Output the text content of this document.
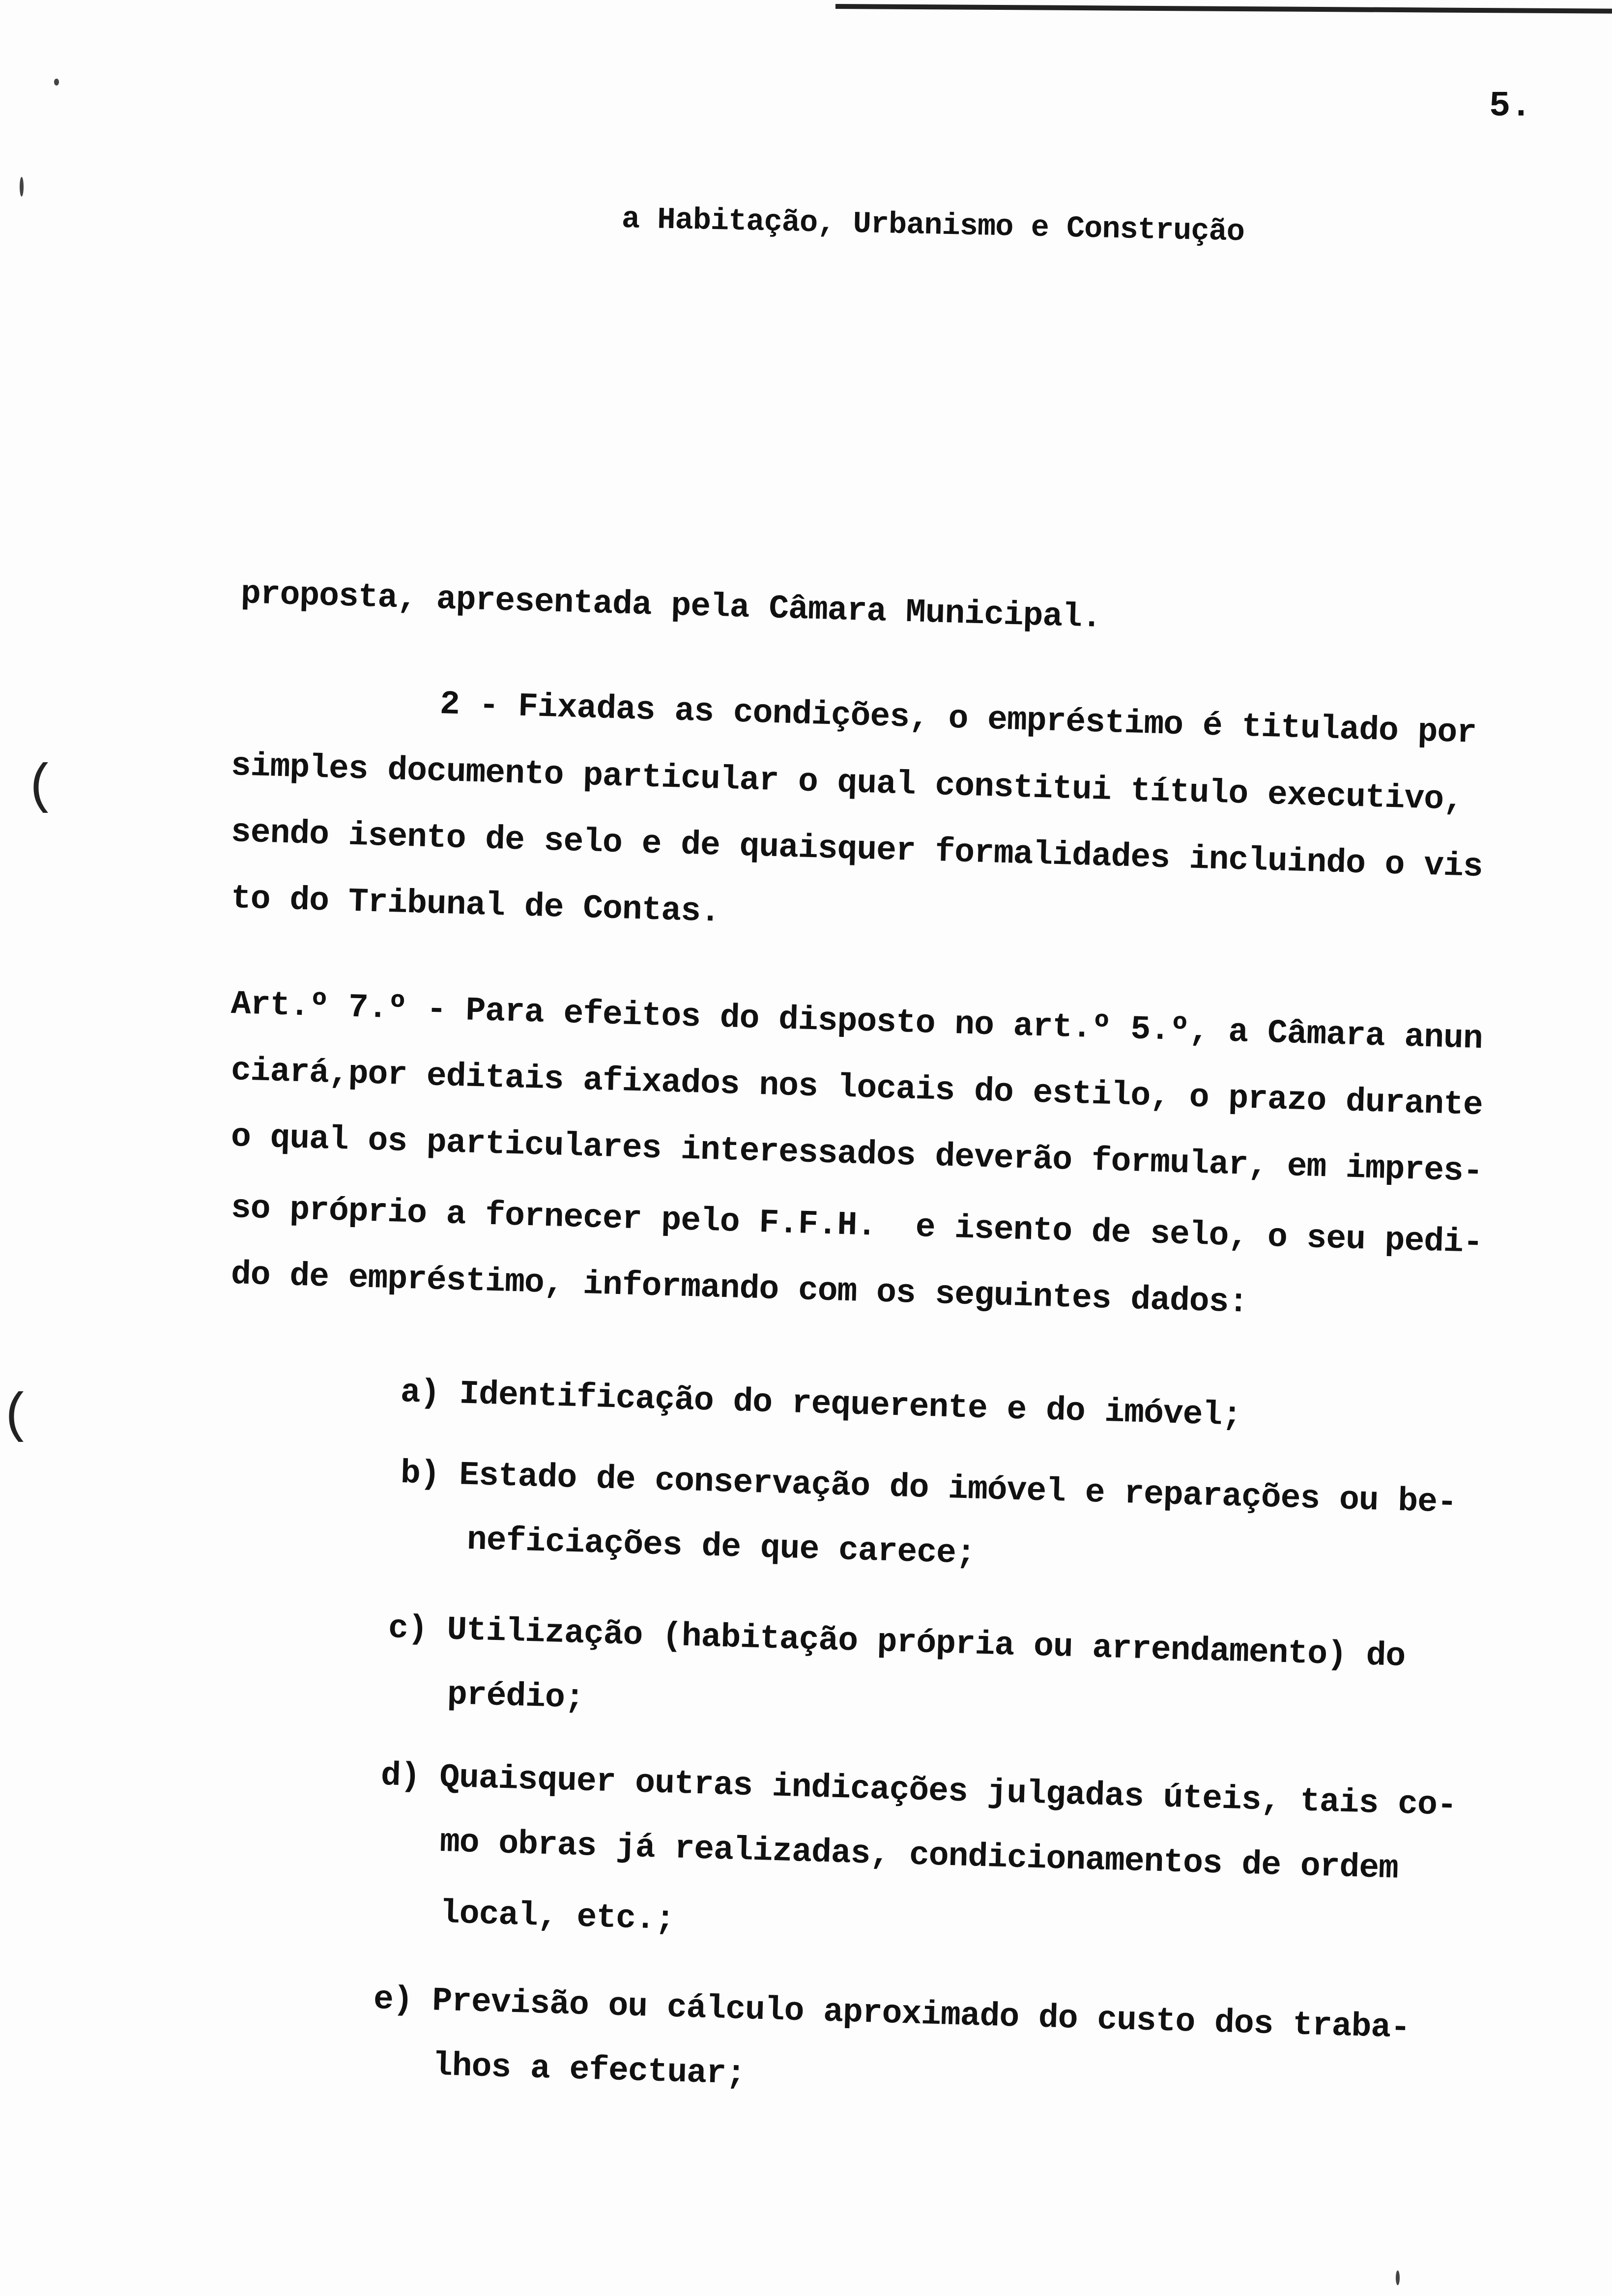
5.
a Habitação, Urbanismo e Construção
proposta, apresentada pela Câmara Municipal.
2 - Fixadas as condições, o empréstimo é titulado por
simples documento particular o qual constitui título executivo,
sendo isento de selo e de quaisquer formalidades incluindo o vis
to do Tribunal de Contas.
Art.º 7.º - Para efeitos do disposto no art.º 5.º, a Câmara anun
ciará,por editais afixados nos locais do estilo, o prazo durante
o qual os particulares interessados deverão formular, em impres-
so próprio a fornecer pelo F.F.H.  e isento de selo, o seu pedi-
do de empréstimo, informando com os seguintes dados:
a) Identificação do requerente e do imóvel;
b) Estado de conservação do imóvel e reparações ou be-
neficiações de que carece;
c) Utilização (habitação própria ou arrendamento) do
prédio;
d) Quaisquer outras indicações julgadas úteis, tais co-
mo obras já realizadas, condicionamentos de ordem
local, etc.;
e) Previsão ou cálculo aproximado do custo dos traba-
lhos a efectuar;
(
(
